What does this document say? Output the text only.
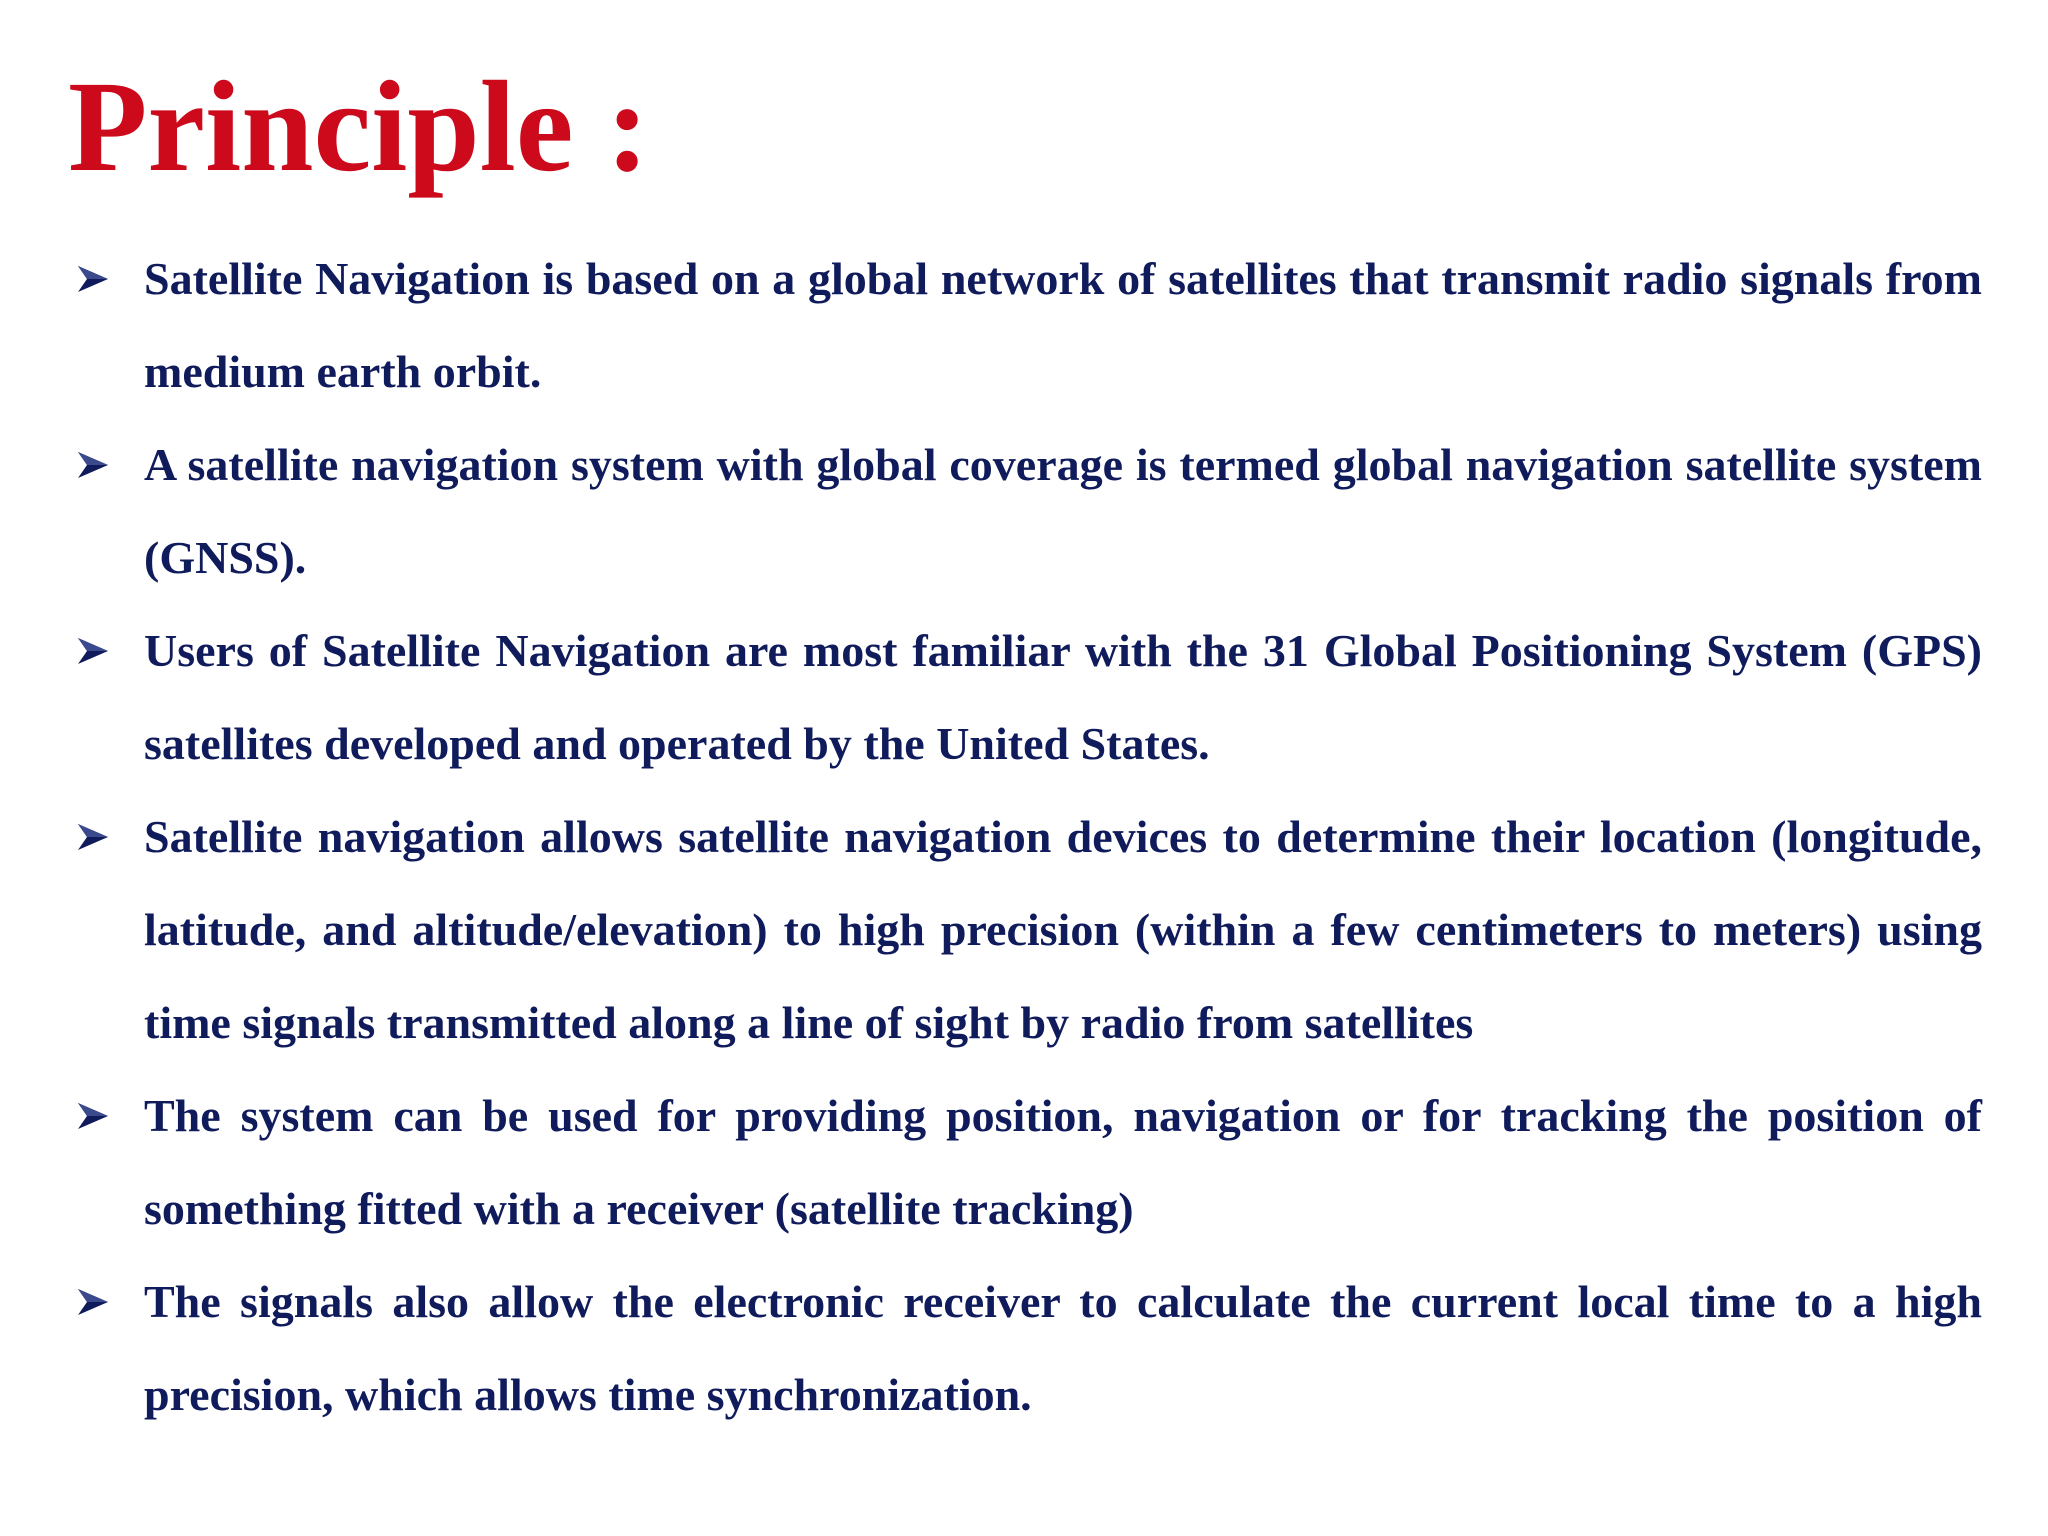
Principle :
Satellite Navigation is based on a global network of satellites that transmit radio signals from medium earth orbit.
A satellite navigation system with global coverage is termed global navigation satellite system (GNSS).
Users of Satellite Navigation are most familiar with the 31 Global Positioning System (GPS) satellites developed and operated by the United States.
Satellite navigation allows satellite navigation devices to determine their location (longitude, latitude, and altitude/elevation) to high precision (within a few centimeters to meters) using time signals transmitted along a line of sight by radio from satellites
The system can be used for providing position, navigation or for tracking the position of something fitted with a receiver (satellite tracking)
The signals also allow the electronic receiver to calculate the current local time to a high precision, which allows time synchronization.
